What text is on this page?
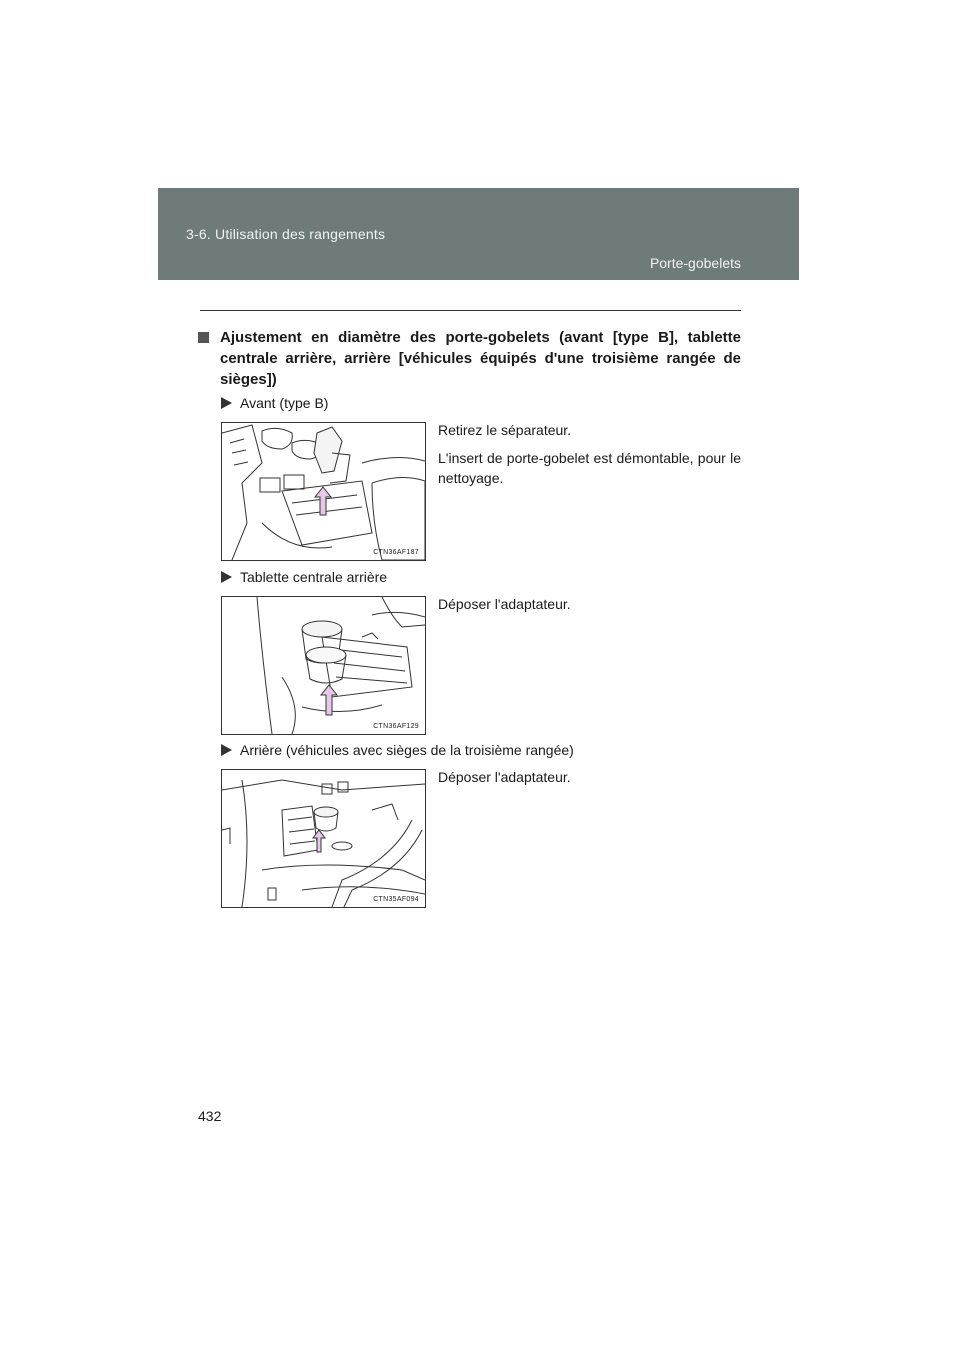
3-6. Utilisation des rangements
Porte-gobelets
Ajustement en diamètre des porte-gobelets (avant [type B], tablette centrale arrière, arrière [véhicules équipés d'une troisième rangée de sièges])
Avant (type B)
CTN36AF187

Retirez le séparateur.

L'insert de porte-gobelet est démontable, pour le nettoyage.

Tablette centrale arrière
CTN36AF129

Déposer l'adaptateur.

Arrière (véhicules avec sièges de la troisième rangée)
CTN35AF094

Déposer l'adaptateur.

432
